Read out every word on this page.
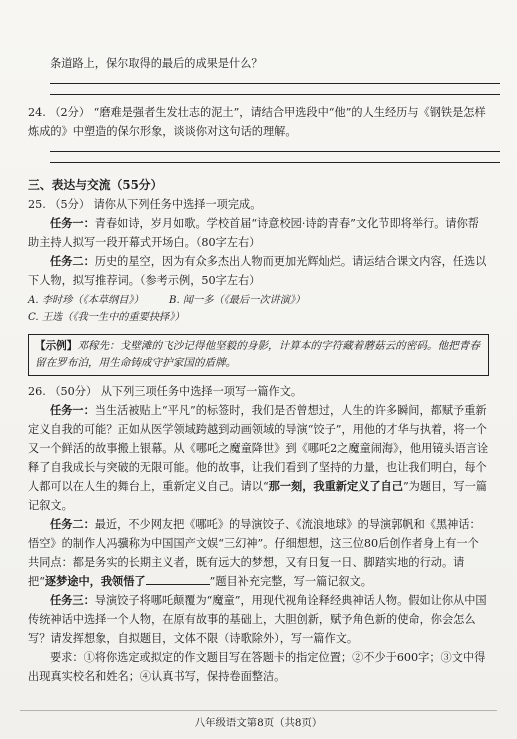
条道路上，保尔取得的最后的成果是什么？

24. （2分） “磨难是强者生发壮志的泥土”，请结合甲选段中“他”的人生经历与《钢铁是怎样炼成的》中塑造的保尔形象，谈谈你对这句话的理解。

三、表达与交流（55分）

25. （5分） 请你从下列任务中选择一项完成。

任务一：青春如诗，岁月如歌。学校首届“诗意校园·诗韵青春”文化节即将举行。请你帮助主持人拟写一段开幕式开场白。（80字左右）

任务二：历史的星空，因为有众多杰出人物而更加光辉灿烂。请运结合课文内容，任选以下人物，拟写推荐词。（参考示例，50字左右）

A. 李时珍（《本草纲目》） B. 闻一多（《最后一次讲演》） C. 王选（《我一生中的重要抉择》）

【示例】邓稼先：戈壁滩的飞沙记得他坚毅的身影，计算本的字符藏着蘑菇云的密码。他把青春留在罗布泊，用生命铸成守护家国的盾牌。

26. （50分） 从下列三项任务中选择一项写一篇作文。

任务一：当生活被贴上“平凡”的标签时，我们是否曾想过，人生的许多瞬间，都赋予重新定义自我的可能？正如从医学领域跨越到动画领域的导演“饺子”，用他的才华与执着，将一个又一个鲜活的故事搬上银幕。从《哪吒之魔童降世》到《哪吒2之魔童闹海》，他用镜头语言诠释了自我成长与突破的无限可能。他的故事，让我们看到了坚持的力量，也让我们明白，每个人都可以在人生的舞台上，重新定义自己。请以“那一刻，我重新定义了自己”为题目，写一篇记叙文。

任务二：最近，不少网友把《哪吒》的导演饺子、《流浪地球》的导演郭帆和《黑神话：悟空》的制作人冯骥称为中国国产文娱“三幻神”。仔细想想，这三位80后创作者身上有一个共同点：都是务实的长期主义者，既有远大的梦想，又有日复一日、脚踏实地的行动。请把“逐梦途中，我领悟了	”题目补充完整，写一篇记叙文。

任务三：导演饺子将哪吒颠覆为“魔童”，用现代视角诠释经典神话人物。假如让你从中国传统神话中选择一个人物，在原有故事的基础上，大胆创新，赋予角色新的使命，你会怎么写？请发挥想象，自拟题目，文体不限（诗歌除外），写一篇作文。

要求：①将你选定或拟定的作文题目写在答题卡的指定位置；②不少于600字；③文中得出现真实校名和姓名；④认真书写，保持卷面整洁。

八年级语文第8页（共8页）
